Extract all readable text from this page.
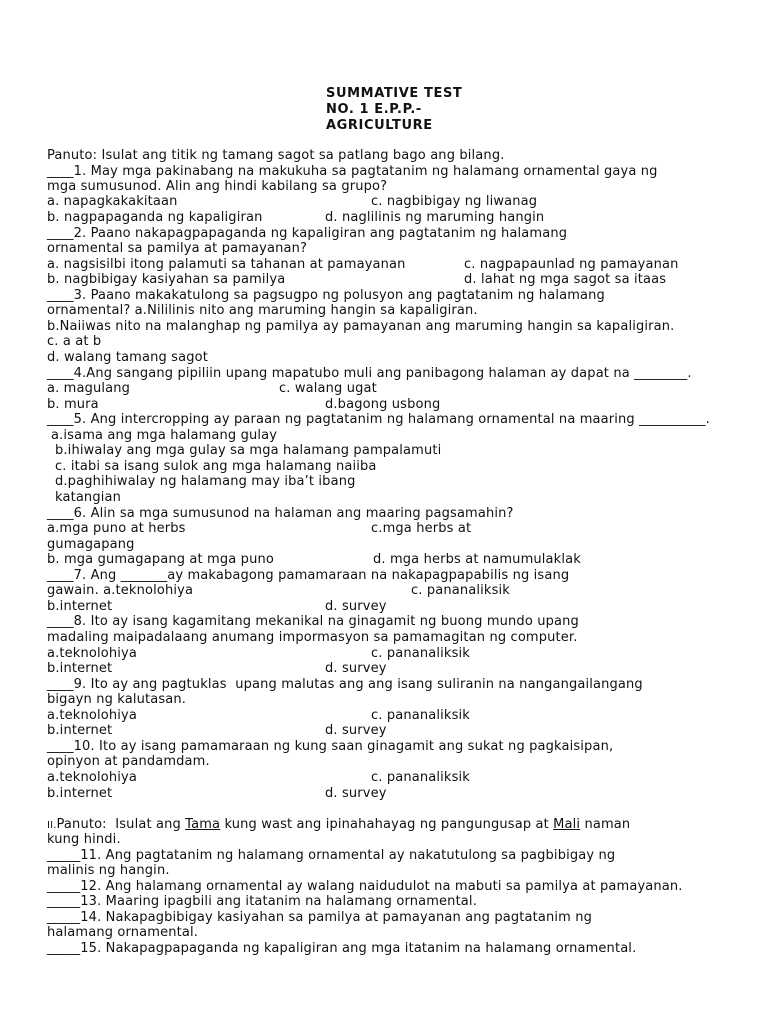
SUMMATIVE TEST
NO. 1 E.P.P.-
AGRICULTURE
Panuto: Isulat ang titik ng tamang sagot sa patlang bago ang bilang.
____1. May mga pakinabang na makukuha sa pagtatanim ng halamang ornamental gaya ng
mga sumusunod. Alin ang hindi kabilang sa grupo?
a. napagkakakitaan	c. nagbibigay ng liwanag
b. nagpapaganda ng kapaligiran	d. naglilinis ng maruming hangin
____2. Paano nakapagpapaganda ng kapaligiran ang pagtatanim ng halamang
ornamental sa pamilya at pamayanan?
a. nagsisilbi itong palamuti sa tahanan at pamayanan	c. nagpapaunlad ng pamayanan
b. nagbibigay kasiyahan sa pamilya	d. lahat ng mga sagot sa itaas
____3. Paano makakatulong sa pagsugpo ng polusyon ang pagtatanim ng halamang
ornamental? a.Nililinis nito ang maruming hangin sa kapaligiran.
b.Naiiwas nito na malanghap ng pamilya ay pamayanan ang maruming hangin sa kapaligiran.
c. a at b
d. walang tamang sagot
____4.Ang sangang pipiliin upang mapatubo muli ang panibagong halaman ay dapat na ________.
a. magulang	c. walang ugat
b. mura	d.bagong usbong
____5. Ang intercropping ay paraan ng pagtatanim ng halamang ornamental na maaring __________.
a.isama ang mga halamang gulay
b.ihiwalay ang mga gulay sa mga halamang pampalamuti
c. itabi sa isang sulok ang mga halamang naiiba
d.paghihiwalay ng halamang may iba’t ibang
katangian
____6. Alin sa mga sumusunod na halaman ang maaring pagsamahin?
a.mga puno at herbs	c.mga herbs at
gumagapang
b. mga gumagapang at mga puno	d. mga herbs at namumulaklak
____7. Ang _______ay makabagong pamamaraan na nakapagpapabilis ng isang
gawain. a.teknolohiya	c. pananaliksik
b.internet	d. survey
____8. Ito ay isang kagamitang mekanikal na ginagamit ng buong mundo upang
madaling maipadalaang anumang impormasyon sa pamamagitan ng computer.
a.teknolohiya	c. pananaliksik
b.internet	d. survey
____9. Ito ay ang pagtuklas  upang malutas ang ang isang suliranin na nangangailangang
bigayn ng kalutasan.
a.teknolohiya	c. pananaliksik
b.internet	d. survey
____10. Ito ay isang pamamaraan ng kung saan ginagamit ang sukat ng pagkaisipan,
opinyon at pandamdam.
a.teknolohiya	c. pananaliksik
b.internet	d. survey
II.Panuto:  Isulat ang Tama kung wast ang ipinahahayag ng pangungusap at Mali naman
kung hindi.
_____11. Ang pagtatanim ng halamang ornamental ay nakatutulong sa pagbibigay ng
malinis ng hangin.
_____12. Ang halamang ornamental ay walang naidudulot na mabuti sa pamilya at pamayanan.
_____13. Maaring ipagbili ang itatanim na halamang ornamental.
_____14. Nakapagbibigay kasiyahan sa pamilya at pamayanan ang pagtatanim ng
halamang ornamental.
_____15. Nakapagpapaganda ng kapaligiran ang mga itatanim na halamang ornamental.
